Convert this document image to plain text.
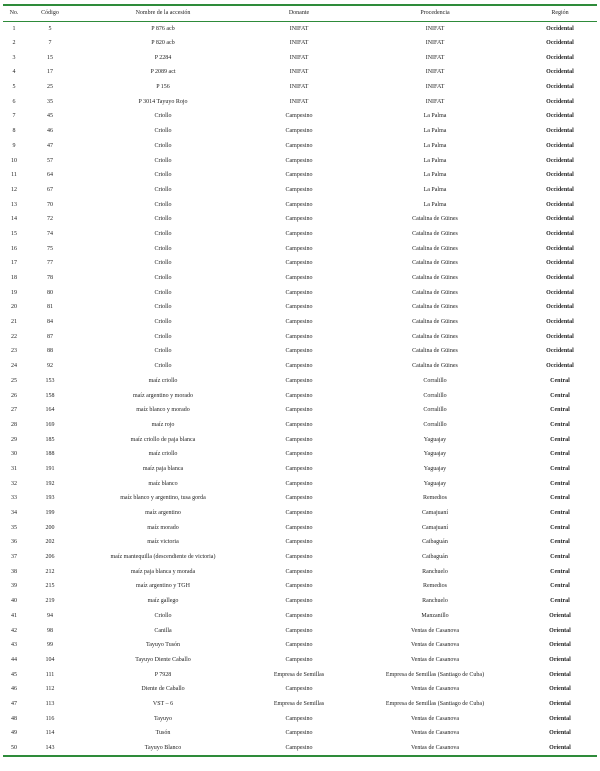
No.	Código	Nombre de la accesión	Donante	Procedencia	Región
1	5	P 876 acb	INIFAT	INIFAT	Occidental
2	7	P 820 acb	INIFAT	INIFAT	Occidental
3	15	P 2284	INIFAT	INIFAT	Occidental
4	17	P 2089 act	INIFAT	INIFAT	Occidental
5	25	P 156	INIFAT	INIFAT	Occidental
6	35	P 3014 Tayuyo Rojo	INIFAT	INIFAT	Occidental
7	45	Criollo	Campesino	La Palma	Occidental
8	46	Criollo	Campesino	La Palma	Occidental
9	47	Criollo	Campesino	La Palma	Occidental
10	57	Criollo	Campesino	La Palma	Occidental
11	64	Criollo	Campesino	La Palma	Occidental
12	67	Criollo	Campesino	La Palma	Occidental
13	70	Criollo	Campesino	La Palma	Occidental
14	72	Criollo	Campesino	Catalina de Güines	Occidental
15	74	Criollo	Campesino	Catalina de Güines	Occidental
16	75	Criollo	Campesino	Catalina de Güines	Occidental
17	77	Criollo	Campesino	Catalina de Güines	Occidental
18	78	Criollo	Campesino	Catalina de Güines	Occidental
19	80	Criollo	Campesino	Catalina de Güines	Occidental
20	81	Criollo	Campesino	Catalina de Güines	Occidental
21	84	Criollo	Campesino	Catalina de Güines	Occidental
22	87	Criollo	Campesino	Catalina de Güines	Occidental
23	88	Criollo	Campesino	Catalina de Güines	Occidental
24	92	Criollo	Campesino	Catalina de Güines	Occidental
25	153	maíz criollo	Campesino	Corralillo	Central
26	158	maíz argentino y morado	Campesino	Corralillo	Central
27	164	maíz blanco y morado	Campesino	Corralillo	Central
28	169	maíz rojo	Campesino	Corralillo	Central
29	185	maíz criollo de paja blanca	Campesino	Yaguajay	Central
30	188	maíz criollo	Campesino	Yaguajay	Central
31	191	maíz paja blanca	Campesino	Yaguajay	Central
32	192	maíz blanco	Campesino	Yaguajay	Central
33	193	maíz blanco y argentino, tusa gorda	Campesino	Remedios	Central
34	199	maíz argentino	Campesino	Camajuaní	Central
35	200	maíz morado	Campesino	Camajuaní	Central
36	202	maíz victoria	Campesino	Caibaguán	Central
37	206	maíz mantequilla (descendiente de victoria)	Campesino	Caibaguán	Central
38	212	maíz paja blanca y morada	Campesino	Ranchuelo	Central
39	215	maíz argentino y TGH	Campesino	Remedios	Central
40	219	maíz gallego	Campesino	Ranchuelo	Central
41	94	Criollo	Campesino	Manzanillo	Oriental
42	98	Canilla	Campesino	Ventas de Casanova	Oriental
43	99	Tayuyo Tusón	Campesino	Ventas de Casanova	Oriental
44	104	Tayuyo Diente Caballo	Campesino	Ventas de Casanova	Oriental
45	111	P 7928	Empresa de Semillas	Empresa de Semillas (Santiago de Cuba)	Oriental
46	112	Diente de Caballo	Campesino	Ventas de Casanova	Oriental
47	113	VST – 6	Empresa de Semillas	Empresa de Semillas (Santiago de Cuba)	Oriental
48	116	Tayuyo	Campesino	Ventas de Casanova	Oriental
49	114	Tusón	Campesino	Ventas de Casanova	Oriental
50	143	Tayuyo Blanco	Campesino	Ventas de Casanova	Oriental
